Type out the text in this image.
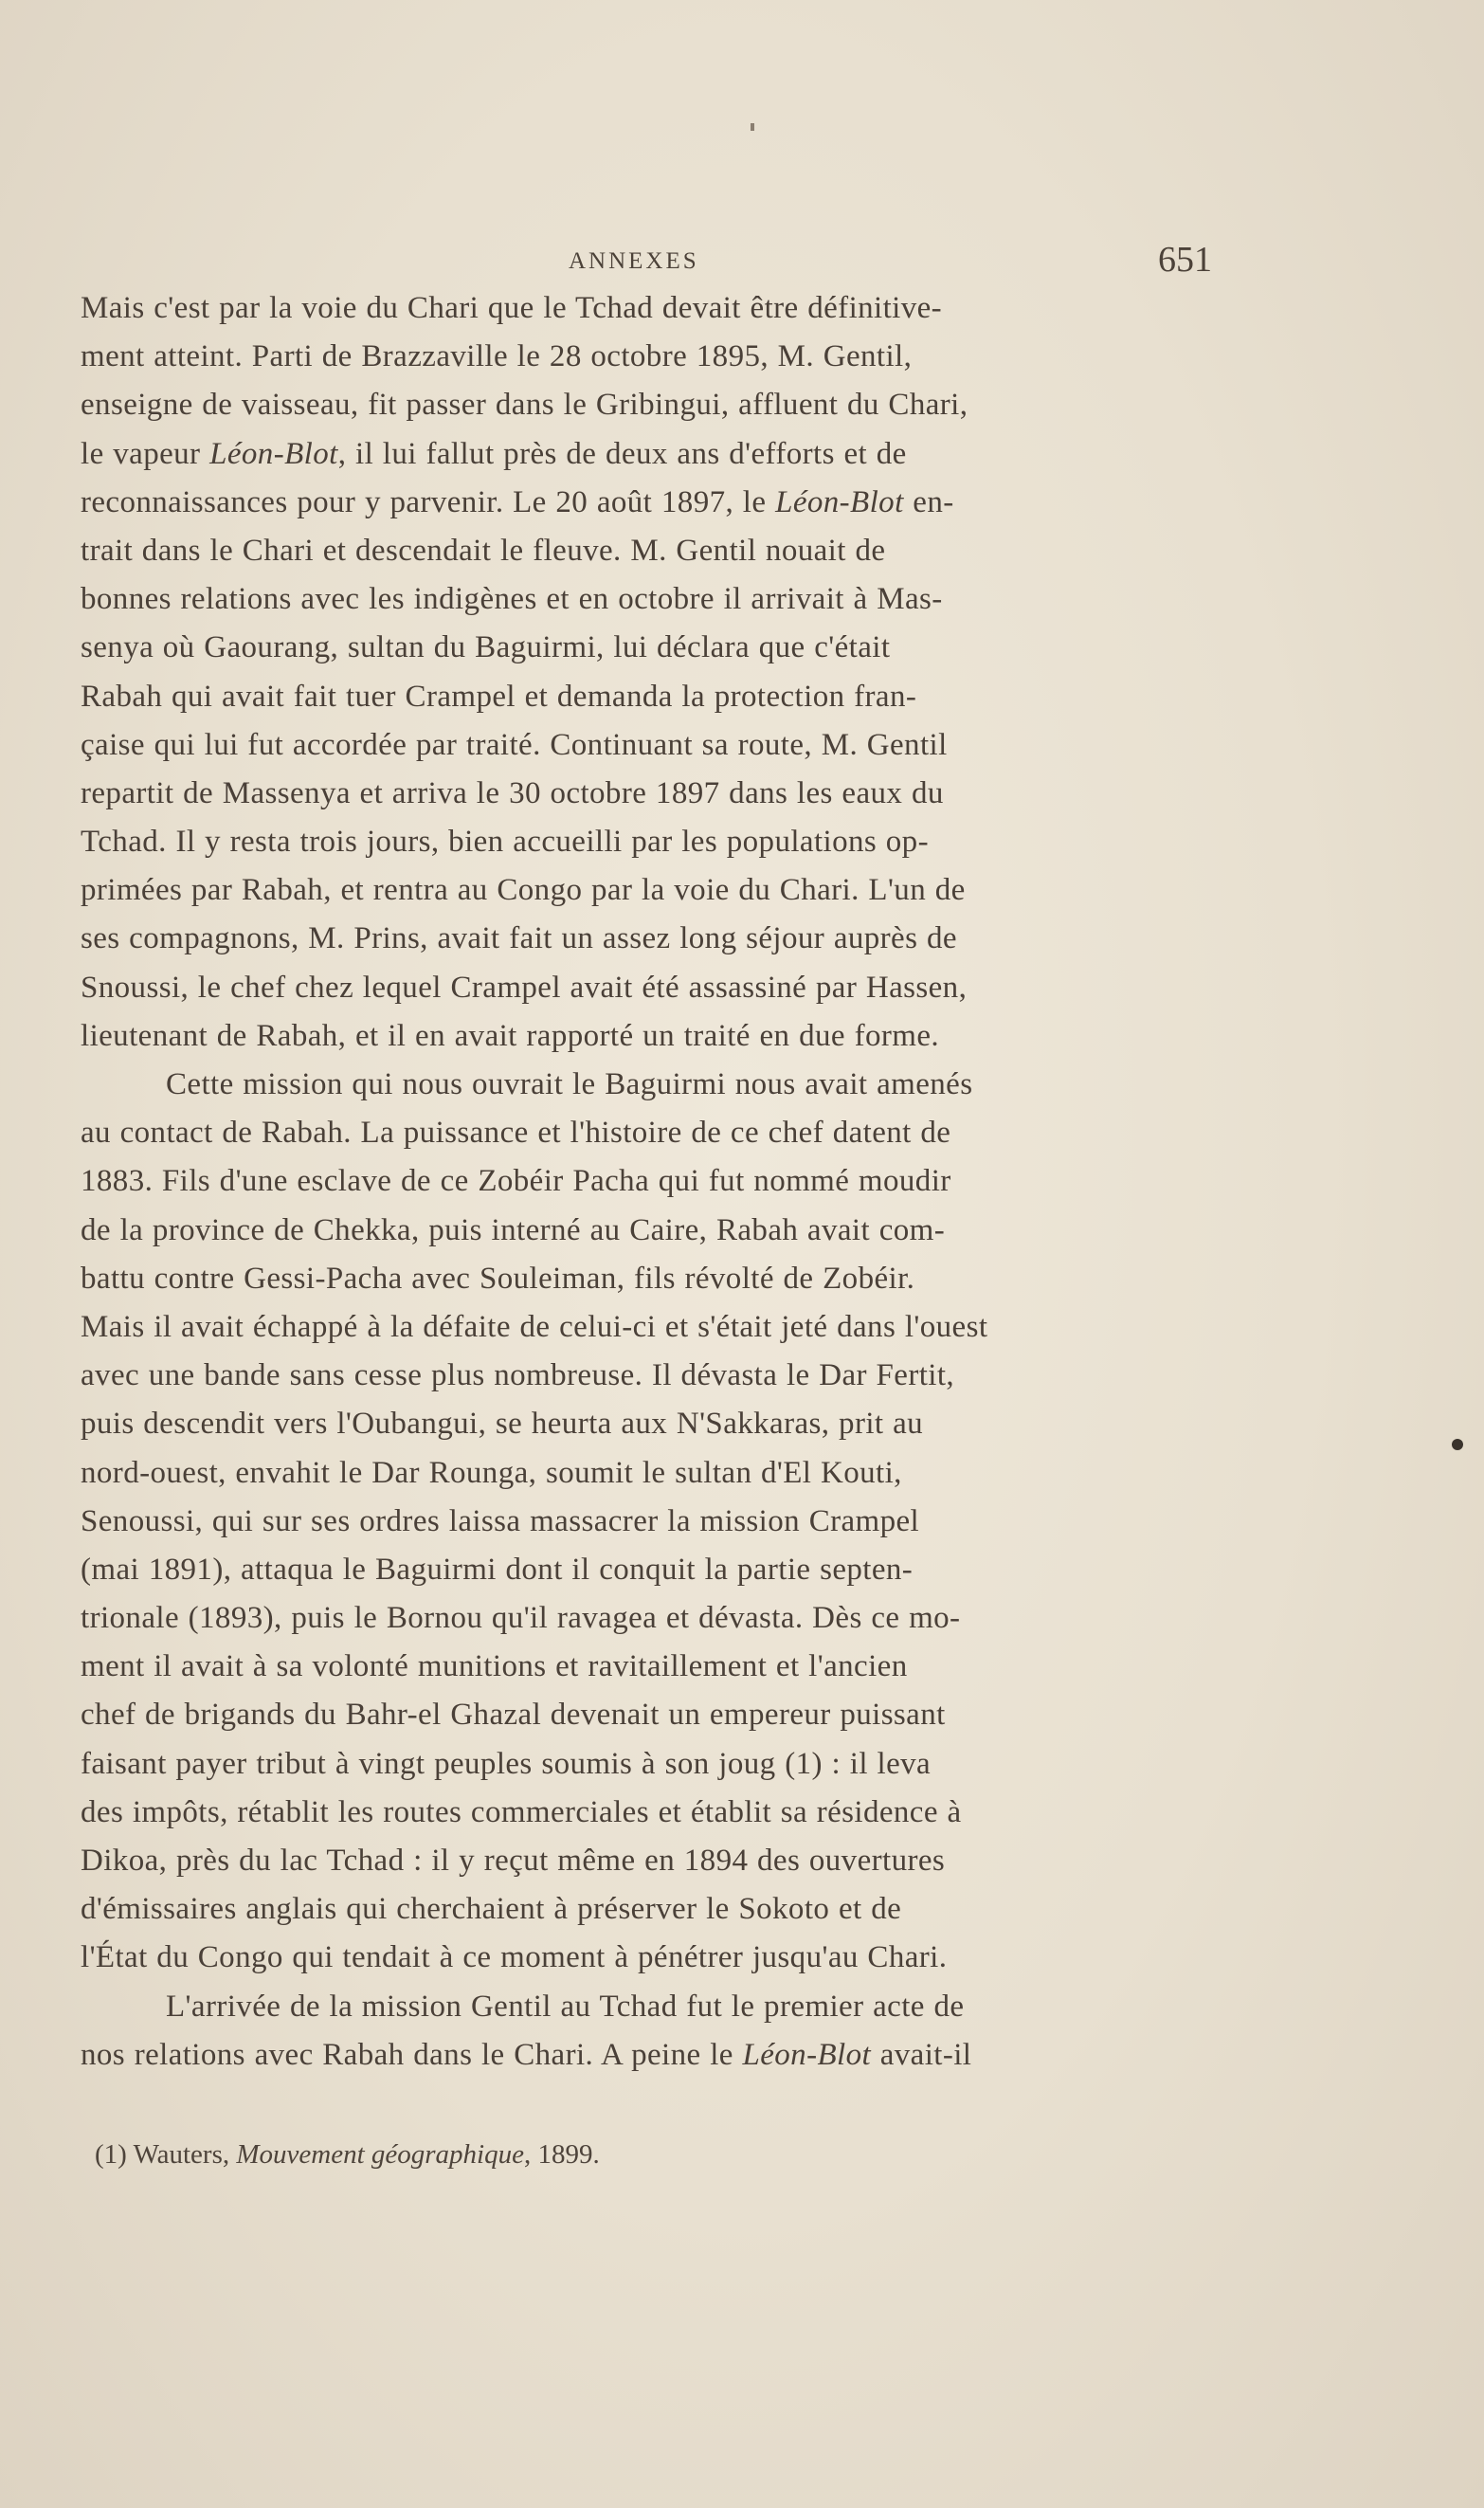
ANNEXES	651
Mais c'est par la voie du Chari que le Tchad devait être définitive-
ment atteint. Parti de Brazzaville le 28 octobre 1895, M. Gentil,
enseigne de vaisseau, fit passer dans le Gribingui, affluent du Chari,
le vapeur Léon-Blot, il lui fallut près de deux ans d'efforts et de
reconnaissances pour y parvenir. Le 20 août 1897, le Léon-Blot en-
trait dans le Chari et descendait le fleuve. M. Gentil nouait de
bonnes relations avec les indigènes et en octobre il arrivait à Mas-
senya où Gaourang, sultan du Baguirmi, lui déclara que c'était
Rabah qui avait fait tuer Crampel et demanda la protection fran-
çaise qui lui fut accordée par traité. Continuant sa route, M. Gentil
repartit de Massenya et arriva le 30 octobre 1897 dans les eaux du
Tchad. Il y resta trois jours, bien accueilli par les populations op-
primées par Rabah, et rentra au Congo par la voie du Chari. L'un de
ses compagnons, M. Prins, avait fait un assez long séjour auprès de
Snoussi, le chef chez lequel Crampel avait été assassiné par Hassen,
lieutenant de Rabah, et il en avait rapporté un traité en due forme.
Cette mission qui nous ouvrait le Baguirmi nous avait amenés
au contact de Rabah. La puissance et l'histoire de ce chef datent de
1883. Fils d'une esclave de ce Zobéir Pacha qui fut nommé moudir
de la province de Chekka, puis interné au Caire, Rabah avait com-
battu contre Gessi-Pacha avec Souleiman, fils révolté de Zobéir.
Mais il avait échappé à la défaite de celui-ci et s'était jeté dans l'ouest
avec une bande sans cesse plus nombreuse. Il dévasta le Dar Fertit,
puis descendit vers l'Oubangui, se heurta aux N'Sakkaras, prit au
nord-ouest, envahit le Dar Rounga, soumit le sultan d'El Kouti,
Senoussi, qui sur ses ordres laissa massacrer la mission Crampel
(mai 1891), attaqua le Baguirmi dont il conquit la partie septen-
trionale (1893), puis le Bornou qu'il ravagea et dévasta. Dès ce mo-
ment il avait à sa volonté munitions et ravitaillement et l'ancien
chef de brigands du Bahr-el Ghazal devenait un empereur puissant
faisant payer tribut à vingt peuples soumis à son joug (1) : il leva
des impôts, rétablit les routes commerciales et établit sa résidence à
Dikoa, près du lac Tchad : il y reçut même en 1894 des ouvertures
d'émissaires anglais qui cherchaient à préserver le Sokoto et de
l'État du Congo qui tendait à ce moment à pénétrer jusqu'au Chari.
L'arrivée de la mission Gentil au Tchad fut le premier acte de
nos relations avec Rabah dans le Chari. A peine le Léon-Blot avait-il
(1) Wauters, Mouvement géographique, 1899.
